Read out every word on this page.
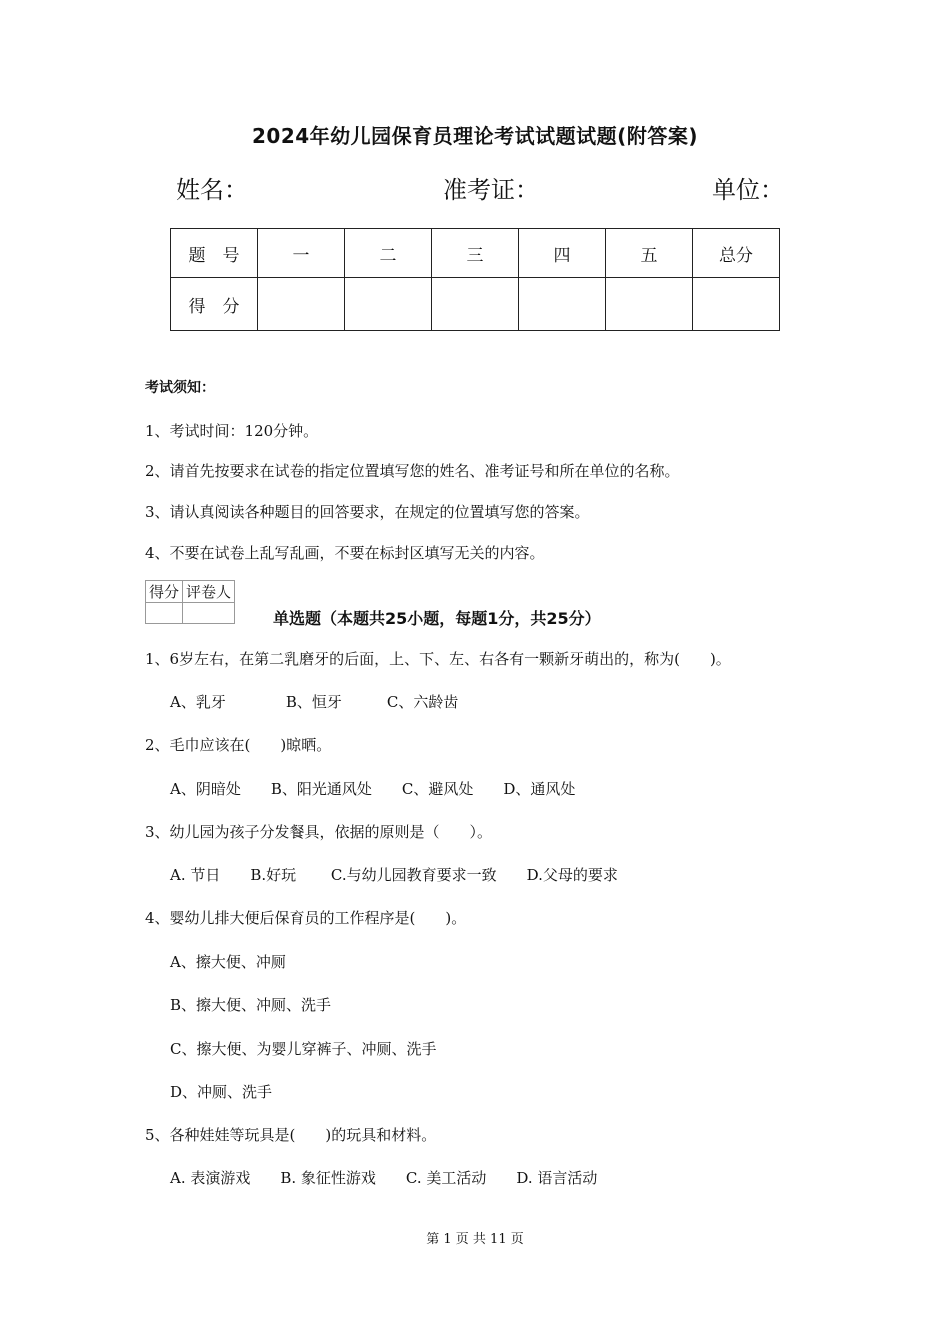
2024年幼儿园保育员理论考试试题试题(附答案)
姓名：	准考证：	单位：
题　号	一	二	三	四	五	总分
得　分						
考试须知：
1、考试时间：120分钟。
2、请首先按要求在试卷的指定位置填写您的姓名、准考证号和所在单位的名称。
3、请认真阅读各种题目的回答要求，在规定的位置填写您的答案。
4、不要在试卷上乱写乱画，不要在标封区填写无关的内容。
得分	评卷人

单选题（本题共25小题，每题1分，共25分）
1、6岁左右，在第二乳磨牙的后面，上、下、左、右各有一颗新牙萌出的，称为(　　)。
A、乳牙　　　　B、恒牙　　　C、六龄齿
2、毛巾应该在(　　)晾晒。
A、阴暗处　　B、阳光通风处　　C、避风处　　D、通风处
3、幼儿园为孩子分发餐具，依据的原则是（　　）。
A. 节日　　B.好玩　　 C.与幼儿园教育要求一致　　D.父母的要求
4、婴幼儿排大便后保育员的工作程序是(　　)。
A、擦大便、冲厕
B、擦大便、冲厕、洗手
C、擦大便、为婴儿穿裤子、冲厕、洗手
D、冲厕、洗手
5、各种娃娃等玩具是(　　)的玩具和材料。
A. 表演游戏　　B. 象征性游戏　　C. 美工活动　　D. 语言活动
第 1 页 共 11 页
